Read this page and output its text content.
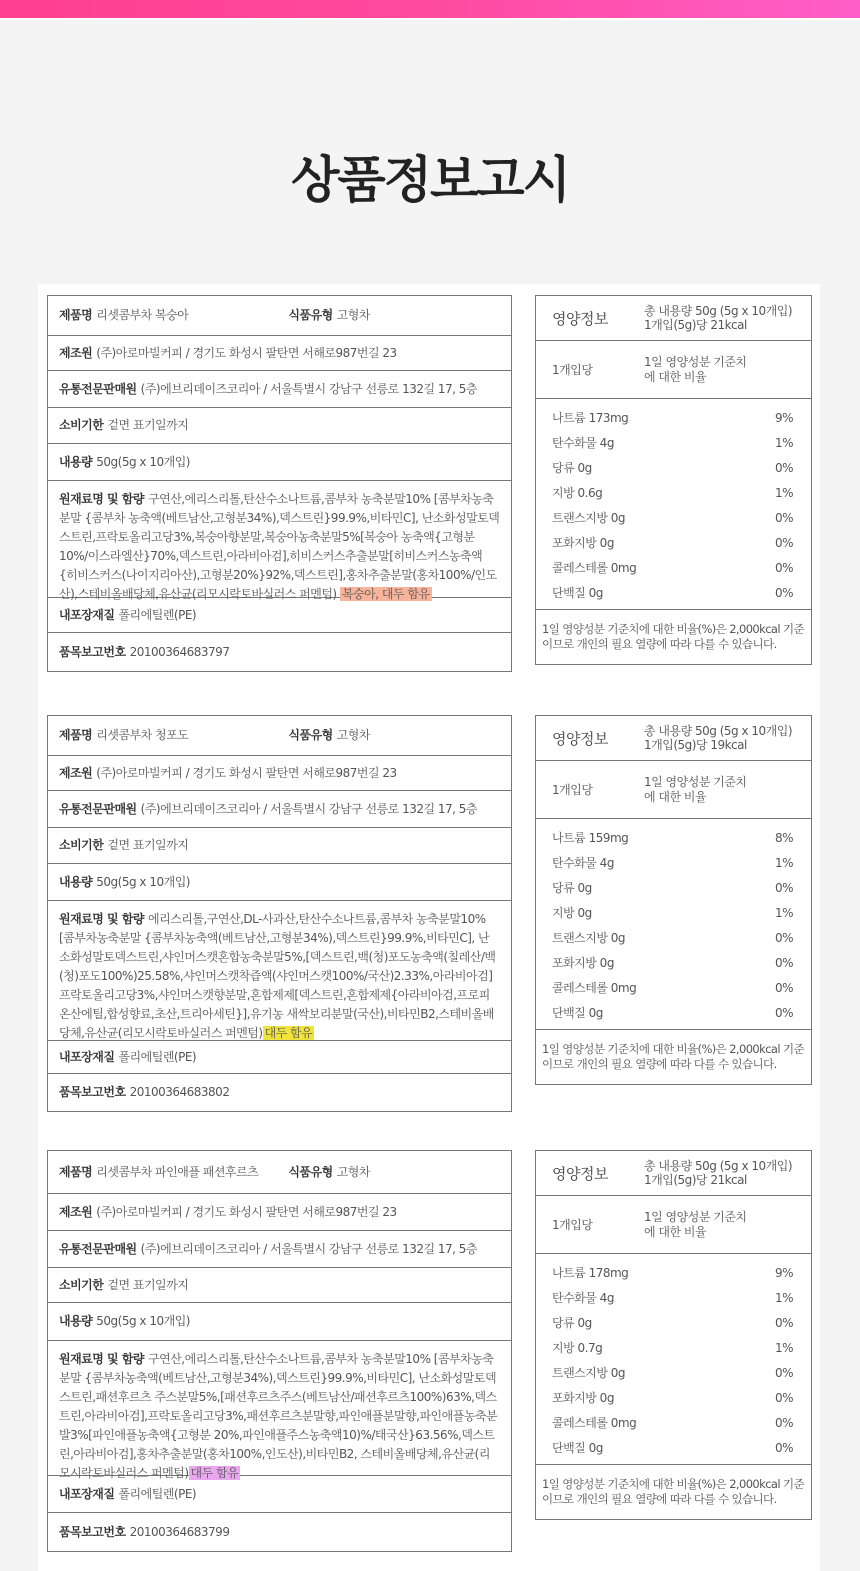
상품정보고시
제품명 리셋콤부차 복숭아	식품유형 고형차
제조원 (주)아로마빌커피 / 경기도 화성시 팔탄면 서해로987번길 23
유통전문판매원 (주)에브리데이즈코리아 / 서울특별시 강남구 선릉로 132길 17, 5층
소비기한 겉면 표기일까지
내용량 50g(5g x 10개입)
원재료명 및 함량 구연산,에리스리톨,탄산수소나트륨,콤부차 농축분말10% [콤부차농축분말 {콤부차 농축액(베트남산,고형분34%),덱스트린}99.9%,비타민C], 난소화성말토덱스트린,프락토올리고당3%,복숭아향분말,복숭아농축분말5%[복숭아 농축액{고형분10%/이스라엘산}70%,덱스트린,아라비아검],히비스커스추출분말[히비스커스농축액{히비스커스(나이지리아산),고형분20%}92%,덱스트린],홍차추출분말(홍차100%/인도산),스테비올배당체,유산균(리모시락토바실러스 퍼멘텀) 복숭아, 대두 함유
내포장재질 폴리에틸렌(PE)
품목보고번호 20100364683797
영양정보	총 내용량 50g (5g x 10개입)
1개입(5g)당 21kcal
1개입당
1일 영양성분 기준치에 대한 비율
나트륨 173mg	9%
탄수화물 4g	1%
당류 0g	0%
지방 0.6g	1%
트랜스지방 0g	0%
포화지방 0g	0%
콜레스테롤 0mg	0%
단백질 0g	0%
1일 영양성분 기준치에 대한 비율(%)은 2,000kcal 기준이므로 개인의 필요 열량에 따라 다를 수 있습니다.
제품명 리셋콤부차 청포도	식품유형 고형차
제조원 (주)아로마빌커피 / 경기도 화성시 팔탄면 서해로987번길 23
유통전문판매원 (주)에브리데이즈코리아 / 서울특별시 강남구 선릉로 132길 17, 5층
소비기한 겉면 표기일까지
내용량 50g(5g x 10개입)
원재료명 및 함량 에리스리톨,구연산,DL-사과산,탄산수소나트륨,콤부차 농축분말10% [콤부차농축분말 {콤부차농축액(베트남산,고형분34%),덱스트린}99.9%,비타민C], 난소화성말토덱스트린,샤인머스캣혼합농축분말5%,[덱스트린,백(청)포도농축액(칠레산/백(청)포도100%)25.58%,샤인머스캣착즙액(샤인머스캣100%/국산)2.33%,아라비아검] 프락토올리고당3%,샤인머스캣향분말,혼합제제[덱스트린,혼합제제{아라비아검,프로피온산에틸,합성향료,초산,트리아세틴}],유기농 새싹보리분말(국산),비타민B2,스테비올배당체,유산균(리모시락토바실러스 퍼멘텀) 대두 함유
내포장재질 폴리에틸렌(PE)
품목보고번호 20100364683802
영양정보	총 내용량 50g (5g x 10개입)
1개입(5g)당 19kcal
1개입당
1일 영양성분 기준치에 대한 비율
나트륨 159mg	8%
탄수화물 4g	1%
당류 0g	0%
지방 0g	1%
트랜스지방 0g	0%
포화지방 0g	0%
콜레스테롤 0mg	0%
단백질 0g	0%
1일 영양성분 기준치에 대한 비율(%)은 2,000kcal 기준이므로 개인의 필요 열량에 따라 다를 수 있습니다.
제품명 리셋콤부차 파인애플 패션후르츠	식품유형 고형차
제조원 (주)아로마빌커피 / 경기도 화성시 팔탄면 서해로987번길 23
유통전문판매원 (주)에브리데이즈코리아 / 서울특별시 강남구 선릉로 132길 17, 5층
소비기한 겉면 표기일까지
내용량 50g(5g x 10개입)
원재료명 및 함량 구연산,에리스리톨,탄산수소나트륨,콤부차 농축분말10% [콤부차농축분말 {콤부차농축액(베트남산,고형분34%),덱스트린}99.9%,비타민C], 난소화성말토덱스트린,패션후르츠 주스분말5%,[패션후르츠주스(베트남산/패션후르츠100%)63%,덱스트린,아라비아검],프락토올리고당3%,패션후르츠분말향,파인애플분말향,파인애플농축분발3%[파인애플농축액{고형분 20%,파인애플주스농축액10)%/태국산}63.56%,덱스트린,아라비아검],홍차추출분말(홍차100%,인도산),비타민B2, 스테비올배당체,유산균(리모시락토바실러스 퍼멘텀) 대두 함유
내포장재질 폴리에틸렌(PE)
품목보고번호 20100364683799
영양정보	총 내용량 50g (5g x 10개입)
1개입(5g)당 21kcal
1개입당
1일 영양성분 기준치에 대한 비율
나트륨 178mg	9%
탄수화물 4g	1%
당류 0g	0%
지방 0.7g	1%
트랜스지방 0g	0%
포화지방 0g	0%
콜레스테롤 0mg	0%
단백질 0g	0%
1일 영양성분 기준치에 대한 비율(%)은 2,000kcal 기준이므로 개인의 필요 열량에 따라 다를 수 있습니다.
